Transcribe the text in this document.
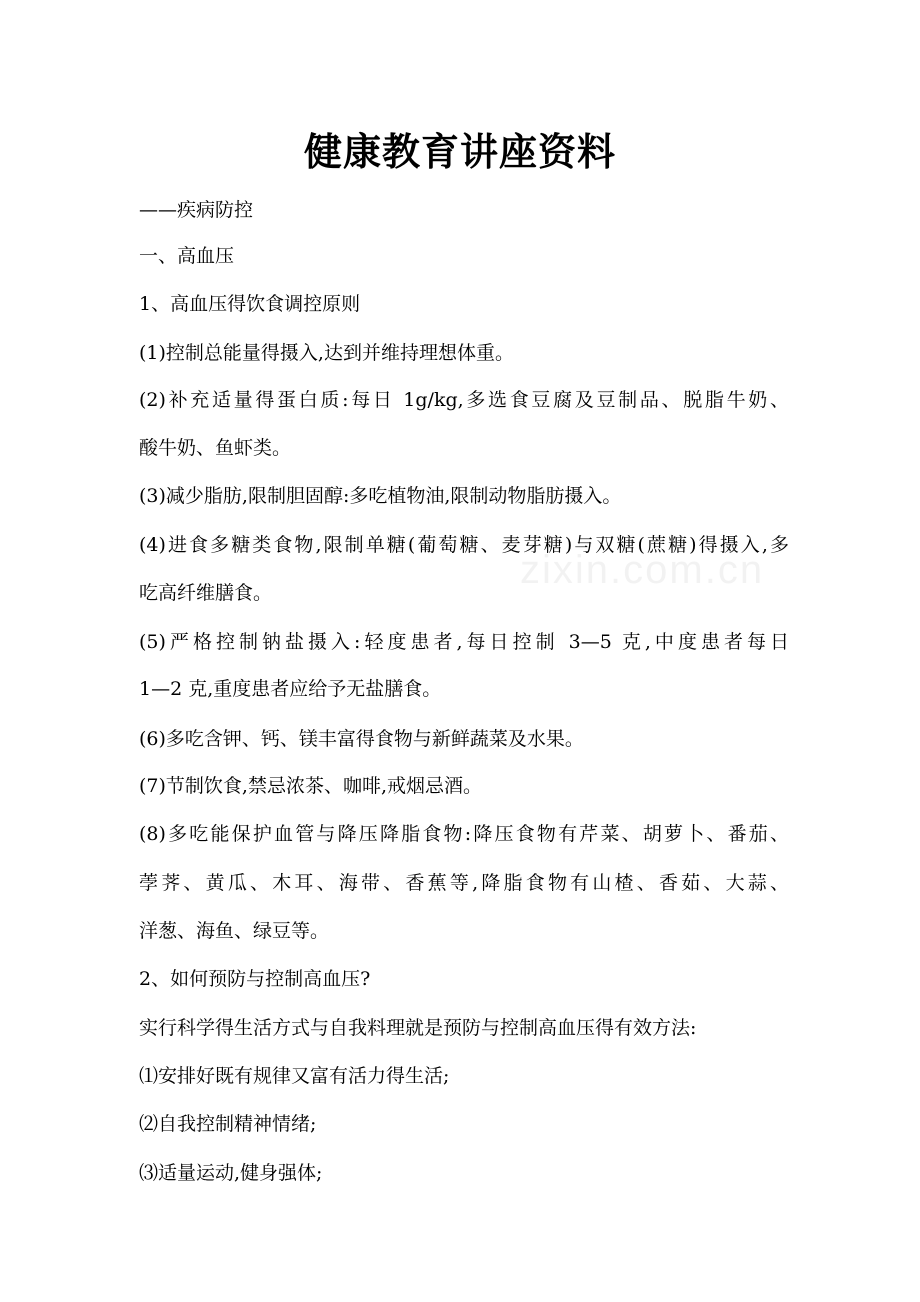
健康教育讲座资料
——疾病防控
一、高血压
1、高血压得饮食调控原则
(1)控制总能量得摄入,达到并维持理想体重。
(2)补充适量得蛋白质:每日 1g/kg,多选食豆腐及豆制品、脱脂牛奶、
酸牛奶、鱼虾类。
(3)减少脂肪,限制胆固醇:多吃植物油,限制动物脂肪摄入。
(4)进食多糖类食物,限制单糖(葡萄糖、麦芽糖)与双糖(蔗糖)得摄入,多
吃高纤维膳食。
(5)严格控制钠盐摄入:轻度患者,每日控制 3—5 克,中度患者每日
1—2 克,重度患者应给予无盐膳食。
(6)多吃含钾、钙、镁丰富得食物与新鲜蔬菜及水果。
(7)节制饮食,禁忌浓茶、咖啡,戒烟忌酒。
(8)多吃能保护血管与降压降脂食物:降压食物有芹菜、胡萝卜、番茄、
荸荠、黄瓜、木耳、海带、香蕉等,降脂食物有山楂、香茹、大蒜、
洋葱、海鱼、绿豆等。
2、如何预防与控制高血压?
实行科学得生活方式与自我料理就是预防与控制高血压得有效方法:
⑴安排好既有规律又富有活力得生活;
⑵自我控制精神情绪;
⑶适量运动,健身强体;
zixin.com.cn
